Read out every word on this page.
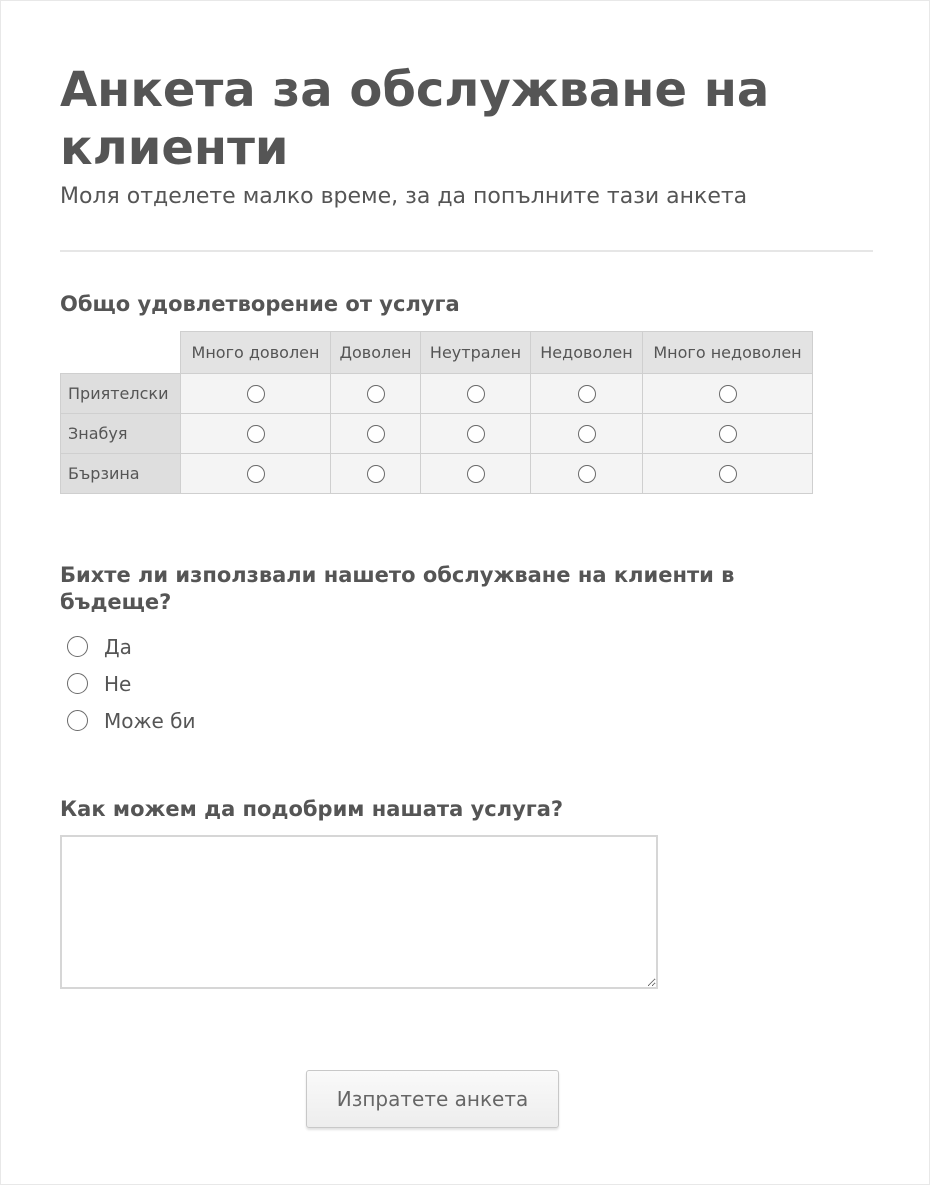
Анкета за обслужване на клиенти

Моля отделете малко време, за да попълните тази анкета

Общо удовлетворение от услуга
	Много доволен	Доволен	Неутрален	Недоволен	Много недоволен
Приятелски					
Знабуя					
Бързина					
Бихте ли използвали нашето обслужване на клиенти в бъдеще?
Да
Не
Може би
Как можем да подобрим нашата услуга?
Изпратете анкета
